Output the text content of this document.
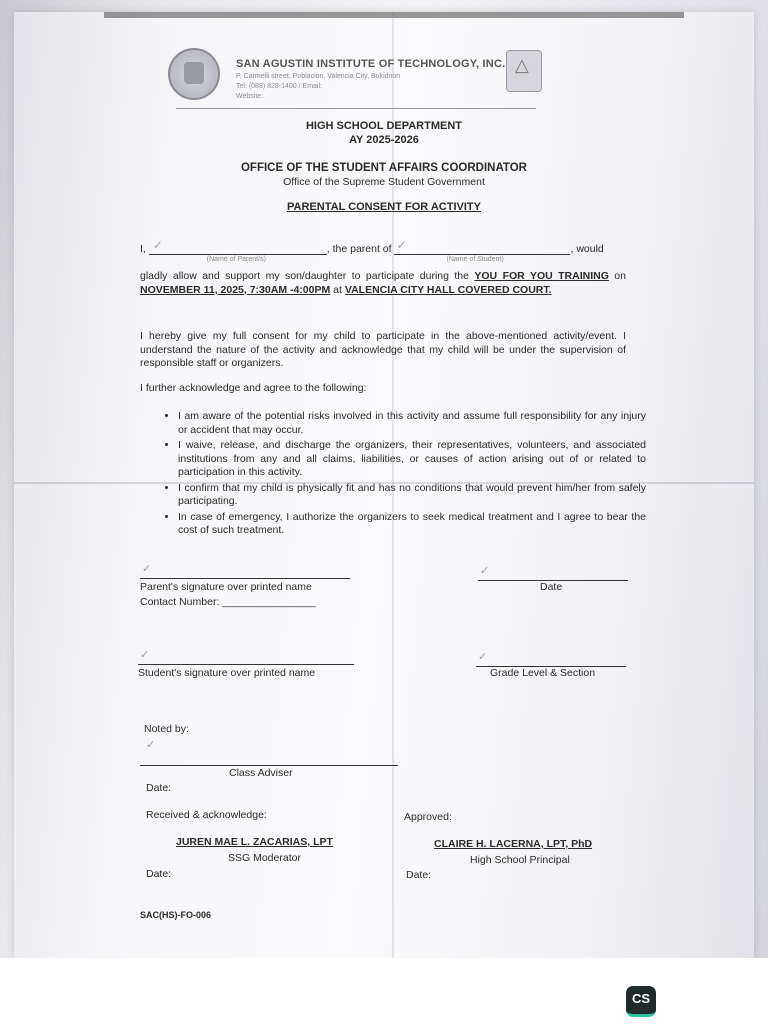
SAN AGUSTIN INSTITUTE OF TECHNOLOGY, INC.
P. Carmelli street, Poblacion, Valencia City, Bukidnon
Tel: (088) 828-1400 / Email:
Website:
△
HIGH SCHOOL DEPARTMENT
AY 2025-2026
OFFICE OF THE STUDENT AFFAIRS COORDINATOR
Office of the Supreme Student Government
PARENTAL CONSENT FOR ACTIVITY
I, ✓
(Name of Parent/s)
, the parent of ✓
(Name of Student)
, would
gladly allow and support my son/daughter to participate during the YOU FOR YOU TRAINING on NOVEMBER 11, 2025, 7:30AM -4:00PM at VALENCIA CITY HALL COVERED COURT.
I hereby give my full consent for my child to participate in the above-mentioned activity/event. I understand the nature of the activity and acknowledge that my child will be under the supervision of responsible staff or organizers.
I further acknowledge and agree to the following:
• I am aware of the potential risks involved in this activity and assume full responsibility for any injury or accident that may occur.
• I waive, release, and discharge the organizers, their representatives, volunteers, and associated institutions from any and all claims, liabilities, or causes of action arising out of or related to participation in this activity.
• I confirm that my child is physically fit and has no conditions that would prevent him/her from safely participating.
• In case of emergency, I authorize the organizers to seek medical treatment and I agree to bear the cost of such treatment.
✓
Parent's signature over printed name
Contact Number: ________________
✓
Date
✓
Student's signature over printed name
✓
Grade Level & Section
Noted by:
✓
Class Adviser
Date:
Received & acknowledge:	Approved:
JUREN MAE L. ZACARIAS, LPT
SSG Moderator
Date:
CLAIRE H. LACERNA, LPT, PhD
High School Principal
Date:
SAC(HS)-FO-006
CS
